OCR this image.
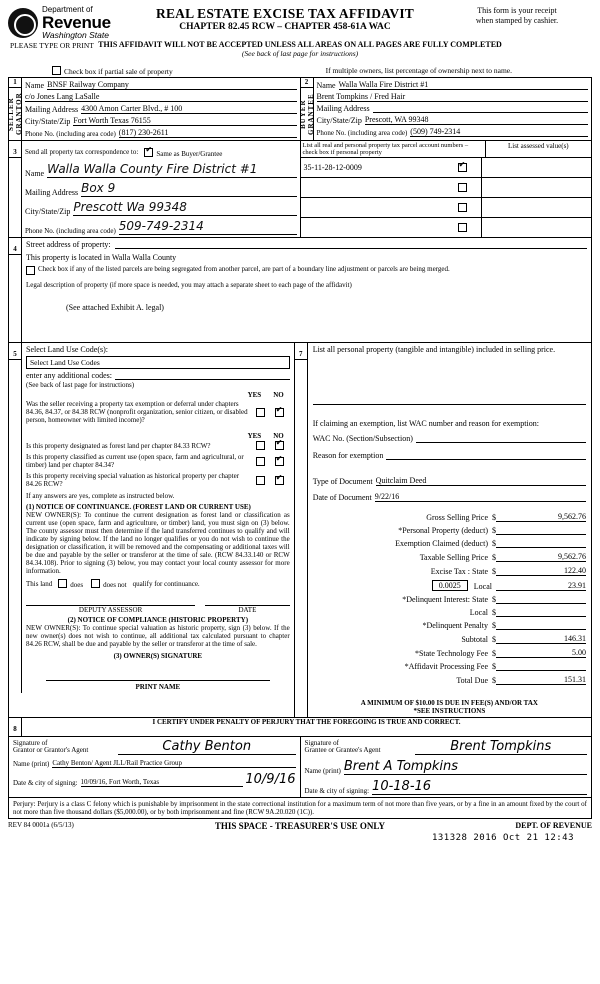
Department of
Revenue
Washington State
REAL ESTATE EXCISE TAX AFFIDAVIT
CHAPTER 82.45 RCW – CHAPTER 458-61A WAC
This form is your receipt
when stamped by cashier.
PLEASE TYPE OR PRINT THIS AFFIDAVIT WILL NOT BE ACCEPTED UNLESS ALL AREAS ON ALL PAGES ARE FULLY COMPLETED
(See back of last page for instructions)
Check box if partial sale of property	If multiple owners, list percentage of ownership next to name.
1
SELLER GRANTOR
Name BNSF Railway Company
c/o Jones Lang LaSalle
Mailing Address 4300 Amon Carter Blvd., # 100
City/State/Zip Fort Worth Texas 76155
Phone No. (including area code) (817) 230-2611
2
BUYER GRANTEE
Name Walla Walla Fire District #1
Brent Tompkins / Fred Hair
Mailing Address
City/State/Zip Prescott, WA 99348
Phone No. (including area code) (509) 749-2314
3	Send all property tax correspondence to: ✔	Same as Buyer/Grantee
Name Walla Walla County Fire District #1
Mailing Address Box 9
City/State/Zip Prescott Wa 99348
Phone No. (including area code) 509-749-2314
List all real and personal property tax parcel account numbers – check box if personal property
List assessed value(s)
35-11-28-12-0009
✔
4	Street address of property:
This property is located in Walla Walla County
Check box if any of the listed parcels are being segregated from another parcel, are part of a boundary line adjustment or parcels are being merged.
Legal description of property (if more space is needed, you may attach a separate sheet to each page of the affidavit)
(See attached Exhibit A. legal)
5	Select Land Use Code(s):
Select Land Use Codes
enter any additional codes:
(See back of last page for instructions)
YES NO
Was the seller receiving a property tax exemption or deferral under chapters 84.36, 84.37, or 84.38 RCW (nonprofit organization, senior citizen, or disabled person, homeowner with limited income)?
✔
YES NO
Is this property designated as forest land per chapter 84.33 RCW?
✔
Is this property classified as current use (open space, farm and agricultural, or timber) land per chapter 84.34?
✔
Is this property receiving special valuation as historical property per chapter 84.26 RCW?
✔
If any answers are yes, complete as instructed below.
(1) NOTICE OF CONTINUANCE. (FOREST LAND OR CURRENT USE)
NEW OWNER(S): To continue the current designation as forest land or classification as current use (open space, farm and agriculture, or timber) land, you must sign on (3) below. The county assessor must then determine if the land transferred continues to qualify and will indicate by signing below. If the land no longer qualifies or you do not wish to continue the designation or classification, it will be removed and the compensating or additional taxes will be due and payable by the seller or transferor at the time of sale. (RCW 84.33.140 or RCW 84.34.108). Prior to signing (3) below, you may contact your local county assessor for more information.
This land	does	does not qualify for continuance.
DEPUTY ASSESSOR	DATE
(2) NOTICE OF COMPLIANCE (HISTORIC PROPERTY)
NEW OWNER(S): To continue special valuation as historic property, sign (3) below. If the new owner(s) does not wish to continue, all additional tax calculated pursuant to chapter 84.26 RCW, shall be due and payable by the seller or transferor at the time of sale.
(3) OWNER(S) SIGNATURE
PRINT NAME
7	List all personal property (tangible and intangible) included in selling price.
If claiming an exemption, list WAC number and reason for exemption:
WAC No. (Section/Subsection)
Reason for exemption
Type of Document Quitclaim Deed
Date of Document 9/22/16
Gross Selling Price $	9,562.76
*Personal Property (deduct) $
Exemption Claimed (deduct) $
Taxable Selling Price $	9,562.76
Excise Tax : State $	122.40
0.0025	Local	23.91
*Delinquent Interest: State $
Local $
*Delinquent Penalty $
Subtotal $	146.31
*State Technology Fee $	5.00
*Affidavit Processing Fee $
Total Due $	151.31
A MINIMUM OF $10.00 IS DUE IN FEE(S) AND/OR TAX
*SEE INSTRUCTIONS
8
I CERTIFY UNDER PENALTY OF PERJURY THAT THE FOREGOING IS TRUE AND CORRECT.
Signature of
Grantor or Grantor's Agent	Cathy Benton
Name (print) Cathy Benton/ Agent JLL/Rail Practice Group
Date & city of signing: 10/09/16, Fort Worth, Texas	10/9/16
Signature of
Grantee or Grantee's Agent	Brent Tompkins
Name (print) Brent A Tompkins
Date & city of signing: 10-18-16
Perjury: Perjury is a class C felony which is punishable by imprisonment in the state correctional institution for a maximum term of not more than five years, or by a fine in an amount fixed by the court of not more than five thousand dollars ($5,000.00), or by both imprisonment and fine (RCW 9A.20.020 (1C)).
REV 84 0001a (6/5/13)	THIS SPACE - TREASURER'S USE ONLY	DEPT. OF REVENUE
131328 2016 Oct 21 12:43
